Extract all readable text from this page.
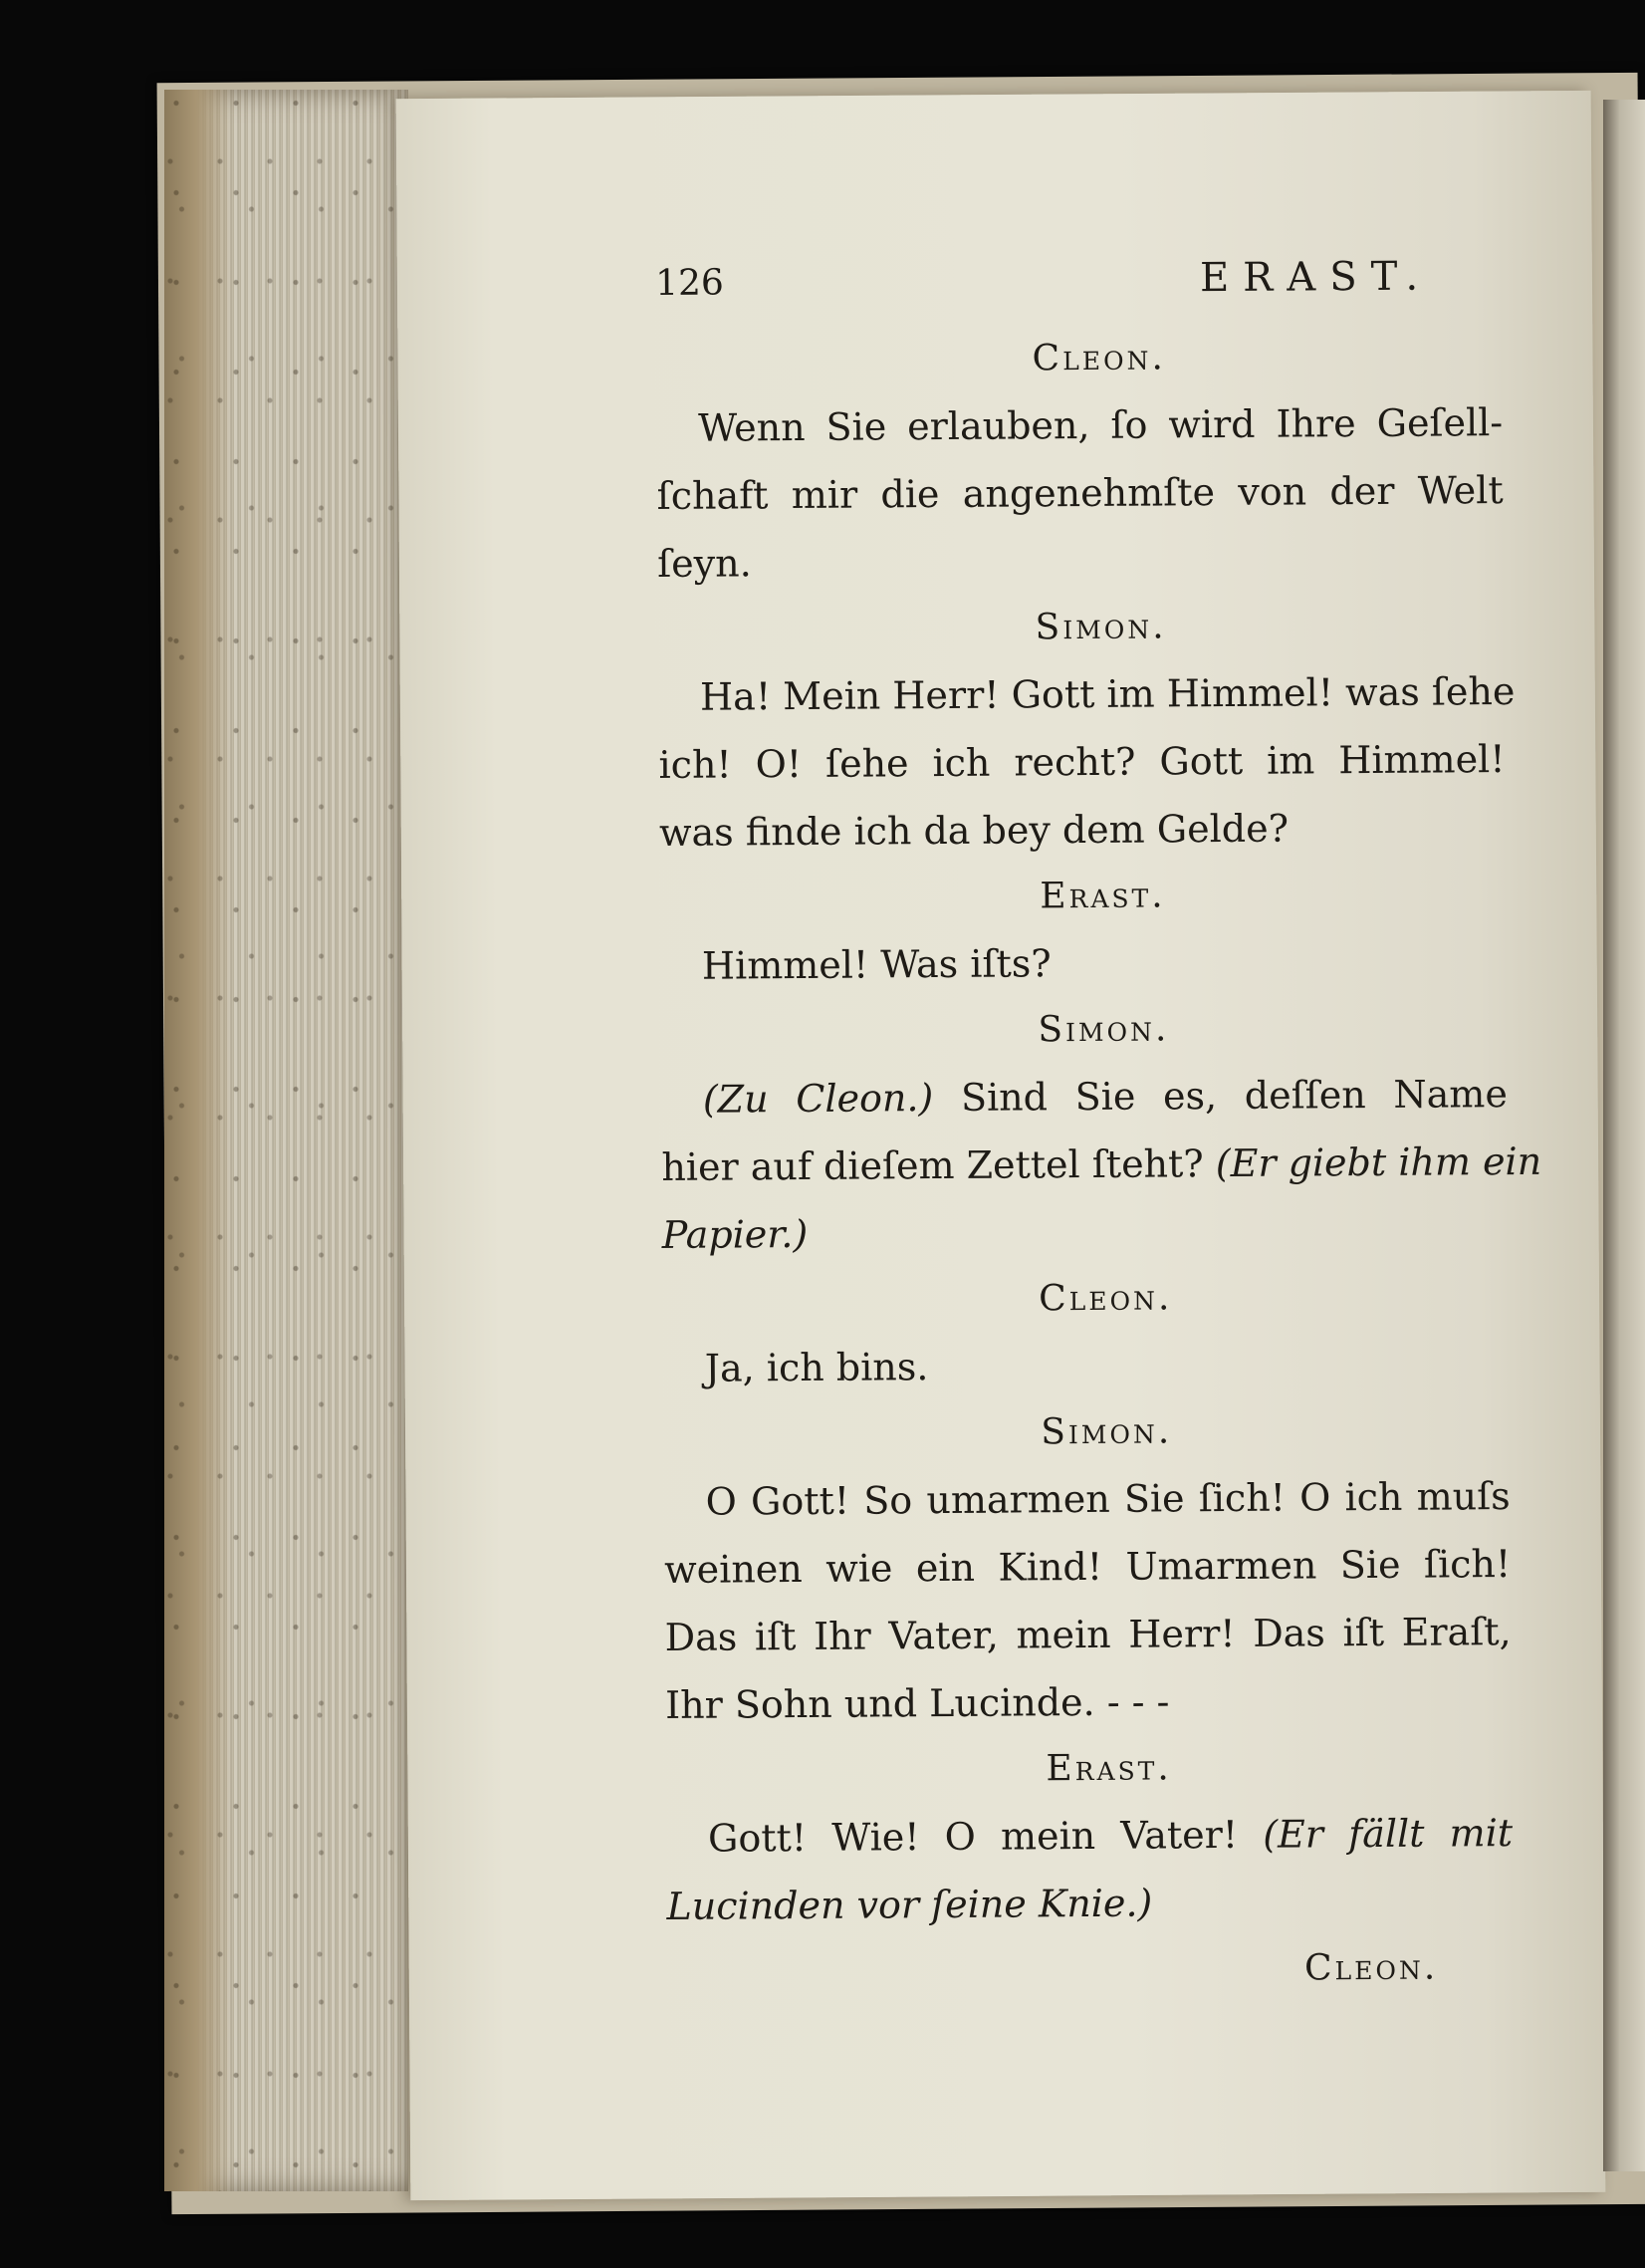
126	ERAST.
Cleon.
Wenn Sie erlauben, ſo wird Ihre Geſell-
ſchaft mir die angenehmſte von der Welt
ſeyn.
Simon.
Ha! Mein Herr! Gott im Himmel! was ſehe
ich! O! ſehe ich recht? Gott im Himmel!
was finde ich da bey dem Gelde?
Erast.
Himmel! Was iſts?
Simon.
(Zu Cleon.) Sind Sie es, deſſen Name
hier auf dieſem Zettel ſteht? (Er giebt ihm ein
Papier.)
Cleon.
Ja, ich bins.
Simon.
O Gott! So umarmen Sie ſich! O ich muſs
weinen wie ein Kind! Umarmen Sie ſich!
Das iſt Ihr Vater, mein Herr! Das iſt Eraſt,
Ihr Sohn und Lucinde. - - -
Erast.
Gott! Wie! O mein Vater! (Er fällt mit
Lucinden vor ſeine Knie.)
Cleon.
